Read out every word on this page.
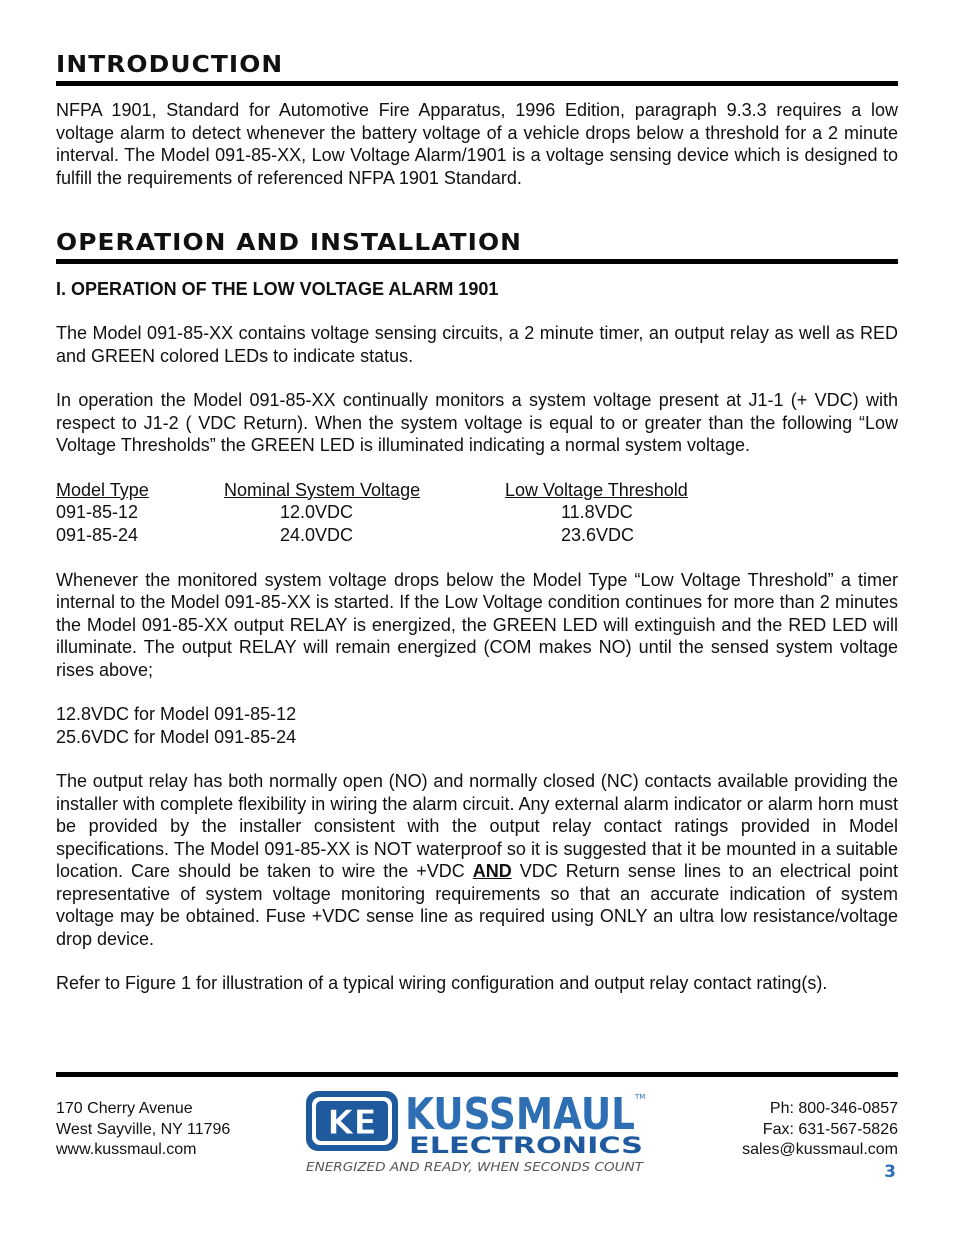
INTRODUCTION

NFPA 1901, Standard for Automotive Fire Apparatus, 1996 Edition, paragraph 9.3.3 requires a low voltage alarm to detect whenever the battery voltage of a vehicle drops below a threshold for a 2 minute interval. The Model 091-85-XX, Low Voltage Alarm/1901 is a voltage sensing device which is designed to fulfill the requirements of referenced NFPA 1901 Standard.

OPERATION AND INSTALLATION
I. OPERATION OF THE LOW VOLTAGE ALARM 1901

The Model 091-85-XX contains voltage sensing circuits, a 2 minute timer, an output relay as well as RED and GREEN colored LEDs to indicate status.

In operation the Model 091-85-XX continually monitors a system voltage present at J1-1 (+ VDC) with respect to J1-2 ( VDC Return). When the system voltage is equal to or greater than the following “Low Voltage Thresholds” the GREEN LED is illuminated indicating a normal system voltage.

Model Type
091-85-12
091-85-24
Nominal System Voltage
12.0VDC
24.0VDC
Low Voltage Threshold
11.8VDC
23.6VDC

Whenever the monitored system voltage drops below the Model Type “Low Voltage Threshold” a timer internal to the Model 091-85-XX is started. If the Low Voltage condition continues for more than 2 minutes the Model 091-85-XX output RELAY is energized, the GREEN LED will extinguish and the RED LED will illuminate. The output RELAY will remain energized (COM makes NO) until the sensed system voltage rises above;

12.8VDC for Model 091-85-12
25.6VDC for Model 091-85-24

The output relay has both normally open (NO) and normally closed (NC) contacts available providing the installer with complete flexibility in wiring the alarm circuit. Any external alarm indicator or alarm horn must be provided by the installer consistent with the output relay contact ratings provided in Model specifications. The Model 091-85-XX is NOT waterproof so it is suggested that it be mounted in a suitable location. Care should be taken to wire the +VDC AND VDC Return sense lines to an electrical point representative of system voltage monitoring requirements so that an accurate indication of system voltage may be obtained. Fuse +VDC sense line as required using ONLY an ultra low resistance/voltage drop device.

Refer to Figure 1 for illustration of a typical wiring configuration and output relay contact rating(s).

170 Cherry Avenue
West Sayville, NY 11796
www.kussmaul.com
KE KUSSMAUL TM
ELECTRONICS
ENERGIZED AND READY, WHEN SECONDS COUNT
Ph: 800-346-0857
Fax: 631-567-5826
sales@kussmaul.com
3
